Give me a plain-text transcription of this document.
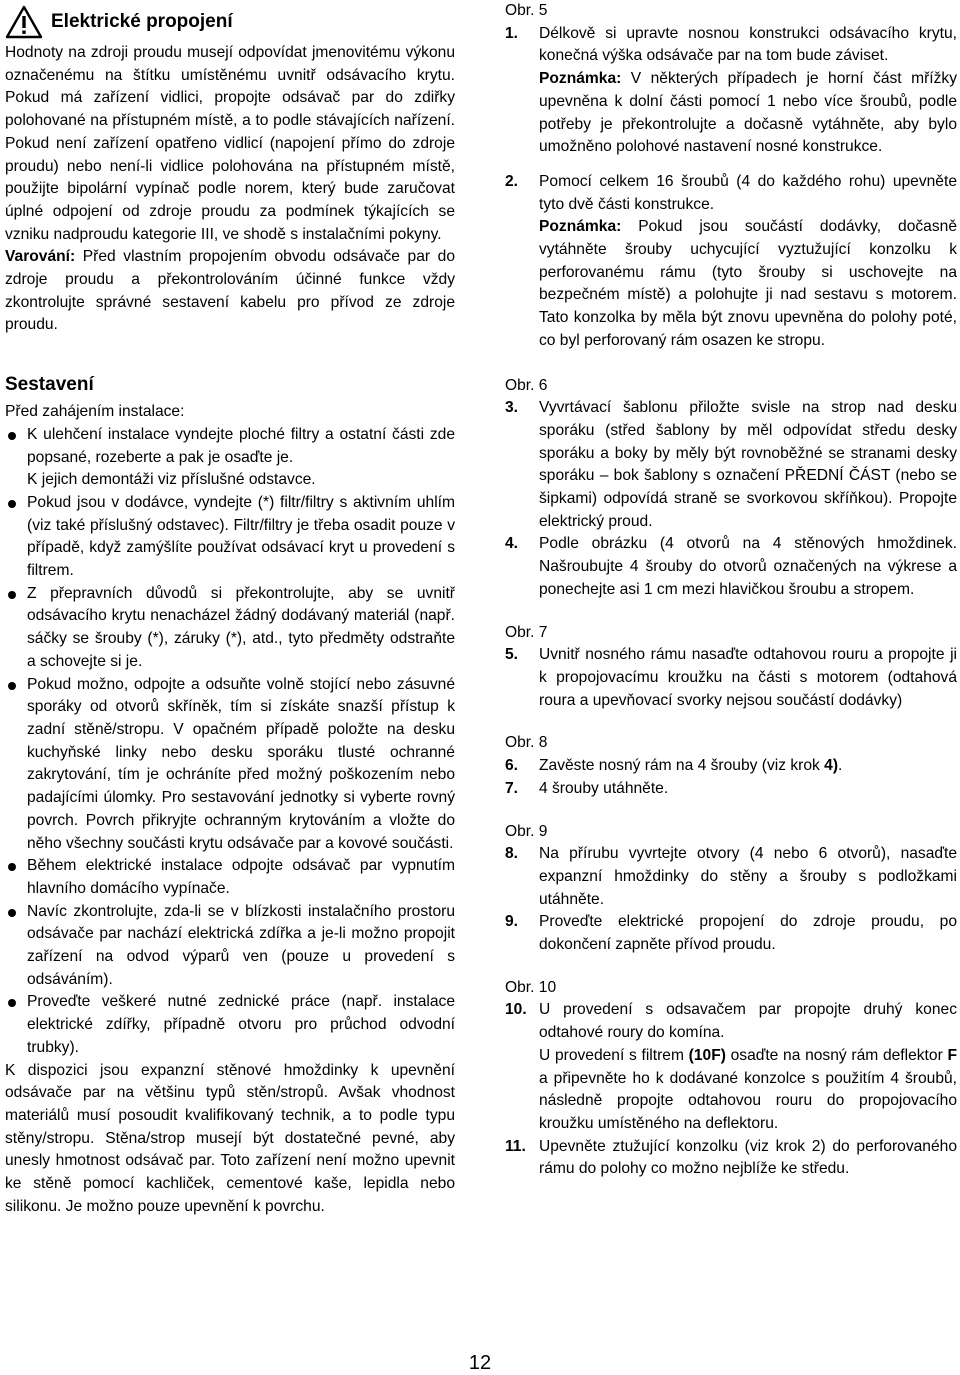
Elektrické propojení

Hodnoty na zdroji proudu musejí odpovídat jmenovitému výkonu označenému na štítku umístěnému uvnitř odsávacího krytu. Pokud má zařízení vidlici, propojte odsávač par do zdiřky polohované na přístupném místě, a to podle stávajících nařízení. Pokud není zařízení opatřeno vidlicí (napojení přímo do zdroje proudu) nebo není-li vidlice polohována na přístupném místě, použijte bipolární vypínač podle norem, který bude zaručovat úplné odpojení od zdroje proudu za podmínek týkajících se vzniku nadproudu kategorie III, ve shodě s instalačními pokyny.

Varování: Před vlastním propojením obvodu odsávače par do zdroje proudu a překontrolováním účinné funkce vždy zkontrolujte správné sestavení kabelu pro přívod ze zdroje proudu.

Sestavení

Před zahájením instalace:

K ulehčení instalace vyndejte ploché filtry a ostatní části zde popsané, rozeberte a pak je osaďte je.
K jejich demontáži viz příslušné odstavce.
Pokud jsou v dodávce, vyndejte (*) filtr/filtry s aktivním uhlím (viz také příslušný odstavec). Filtr/filtry je třeba osadit pouze v případě, když zamýšlíte používat odsávací kryt u provedení s filtrem.
Z přepravních důvodů si překontrolujte, aby se uvnitř odsávacího krytu nenacházel žádný dodávaný materiál (např. sáčky se šrouby (*), záruky (*), atd., tyto předměty odstraňte a schovejte si je.
Pokud možno, odpojte a odsuňte volně stojící nebo zásuvné sporáky od otvorů skříněk, tím si získáte snazší přístup k zadní stěně/stropu. V opačném případě položte na desku kuchyňské linky nebo desku sporáku tlusté ochranné zakrytování, tím je ochráníte před možný poškozením nebo padajícími úlomky. Pro sestavování jednotky si vyberte rovný povrch. Povrch přikryjte ochranným krytováním a vložte do něho všechny součásti krytu odsávače par a kovové součásti.
Během elektrické instalace odpojte odsávač par vypnutím hlavního domácího vypínače.
Navíc zkontrolujte, zda-li se v blízkosti instalačního prostoru odsávače par nachází elektrická zdířka a je-li možno propojit zařízení na odvod výparů ven (pouze u provedení s odsáváním).
Proveďte veškeré nutné zednické práce (např. instalace elektrické zdířky, případně otvoru pro průchod odvodní trubky).

K dispozici jsou expanzní stěnové hmoždinky k upevnění odsávače par na většinu typů stěn/stropů. Avšak vhodnost materiálů musí posoudit kvalifikovaný technik, a to podle typu stěny/stropu. Stěna/strop musejí být dostatečné pevné, aby unesly hmotnost odsávač par. Toto zařízení není možno upevnit ke stěně pomocí kachliček, cementové kaše, lepidla nebo silikonu. Je možno pouze upevnění k povrchu.

Obr. 5
1. Délkově si upravte nosnou konstrukci odsávacího krytu, konečná výška odsávače par na tom bude záviset.
Poznámka: V některých případech je horní část mřížky upevněna k dolní části pomocí 1 nebo více šroubů, podle potřeby je překontrolujte a dočasně vytáhněte, aby bylo umožněno polohové nastavení nosné konstrukce.
2. Pomocí celkem 16 šroubů (4 do každého rohu) upevněte tyto dvě části konstrukce.
Poznámka: Pokud jsou součástí dodávky, dočasně vytáhněte šrouby uchycující vyztužující konzolku k perforovanému rámu (tyto šrouby si uschovejte na bezpečném místě) a polohujte ji nad sestavu s motorem. Tato konzolka by měla být znovu upevněna do polohy poté, co byl perforovaný rám osazen ke stropu.
Obr. 6
3. Vyvrtávací šablonu přiložte svisle na strop nad desku sporáku (střed šablony by měl odpovídat středu desky sporáku a boky by měly být rovnoběžné se stranami desky sporáku – bok šablony s označení PŘEDNÍ ČÁST (nebo se šipkami) odpovídá straně se svorkovou skříňkou). Propojte elektrický proud.
4. Podle obrázku (4 otvorů na 4 stěnových hmoždinek. Našroubujte 4 šrouby do otvorů označených na výkrese a ponechejte asi 1 cm mezi hlavičkou šroubu a stropem.
Obr. 7
5. Uvnitř nosného rámu nasaďte odtahovou rouru a propojte ji k propojovacímu kroužku na části s motorem (odtahová roura a upevňovací svorky nejsou součástí dodávky)
Obr. 8
6. Zavěste nosný rám na 4 šrouby (viz krok 4).
7. 4 šrouby utáhněte.
Obr. 9
8. Na přírubu vyvrtejte otvory (4 nebo 6 otvorů), nasaďte expanzní hmoždinky do stěny a šrouby s podložkami utáhněte.
9. Proveďte elektrické propojení do zdroje proudu, po dokončení zapněte přívod proudu.
Obr. 10
10. U provedení s odsavačem par propojte druhý konec odtahové roury do komína.
U provedení s filtrem (10F) osaďte na nosný rám deflektor F a připevněte ho k dodávané konzolce s použitím 4 šroubů, následně propojte odtahovou rouru do propojovacího kroužku umístěného na deflektoru.
11. Upevněte ztužující konzolku (viz krok 2) do perforovaného rámu do polohy co možno nejblíže ke středu.
12
